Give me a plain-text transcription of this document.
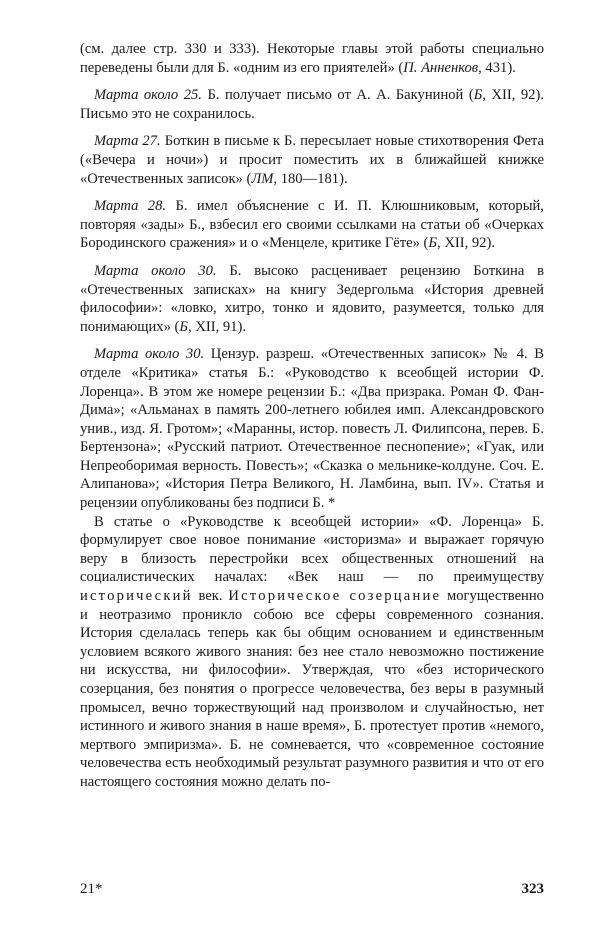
(см. далее стр. 330 и 333). Некоторые главы этой работы специально переведены были для Б. «одним из его приятелей» (П. Анненков, 431).

Марта около 25. Б. получает письмо от А. А. Бакуниной (Б, XII, 92). Письмо это не сохранилось.

Марта 27. Боткин в письме к Б. пересылает новые стихотворения Фета («Вечера и ночи») и просит поместить их в ближайшей книжке «Отечественных записок» (ЛМ, 180—181).

Марта 28. Б. имел объяснение с И. П. Клюшниковым, который, повторяя «зады» Б., взбесил его своими ссылками на статьи об «Очерках Бородинского сражения» и о «Менцеле, критике Гёте» (Б, XII, 92).

Марта около 30. Б. высоко расценивает рецензию Боткина в «Отечественных записках» на книгу Зедергольма «История древней философии»: «ловко, хитро, тонко и ядовито, разумеется, только для понимающих» (Б, XII, 91).

Марта около 30. Цензур. разреш. «Отечественных записок» № 4. В отделе «Критика» статья Б.: «Руководство к всеобщей истории Ф. Лоренца». В этом же номере рецензии Б.: «Два призрака. Роман Ф. Фан-Дима»; «Альманах в память 200-летнего юбилея имп. Александровского унив., изд. Я. Гротом»; «Маранны, истор. повесть Л. Филипсона, перев. Б. Бертензона»; «Русский патриот. Отечественное песнопение»; «Гуак, или Непреоборимая верность. Повесть»; «Сказка о мельнике-колдуне. Соч. Е. Алипанова»; «История Петра Великого, Н. Ламбина, вып. IV». Статья и рецензии опубликованы без подписи Б. *

В статье о «Руководстве к всеобщей истории» «Ф. Лоренца» Б. формулирует свое новое понимание «историзма» и выражает горячую веру в близость перестройки всех общественных отношений на социалистических началах: «Век наш — по преимуществу исторический век. Историческое созерцание могущественно и неотразимо проникло собою все сферы современного сознания. История сделалась теперь как бы общим основанием и единственным условием всякого живого знания: без нее стало невозможно постижение ни искусства, ни философии». Утверждая, что «без исторического созерцания, без понятия о прогрессе человечества, без веры в разумный промысел, вечно торжествующий над произволом и случайностью, нет истинного и живого знания в наше время», Б. протестует против «немого, мертвого эмпиризма». Б. не сомневается, что «современное состояние человечества есть необходимый результат разумного развития и что от его настоящего состояния можно делать по-

21*	323
